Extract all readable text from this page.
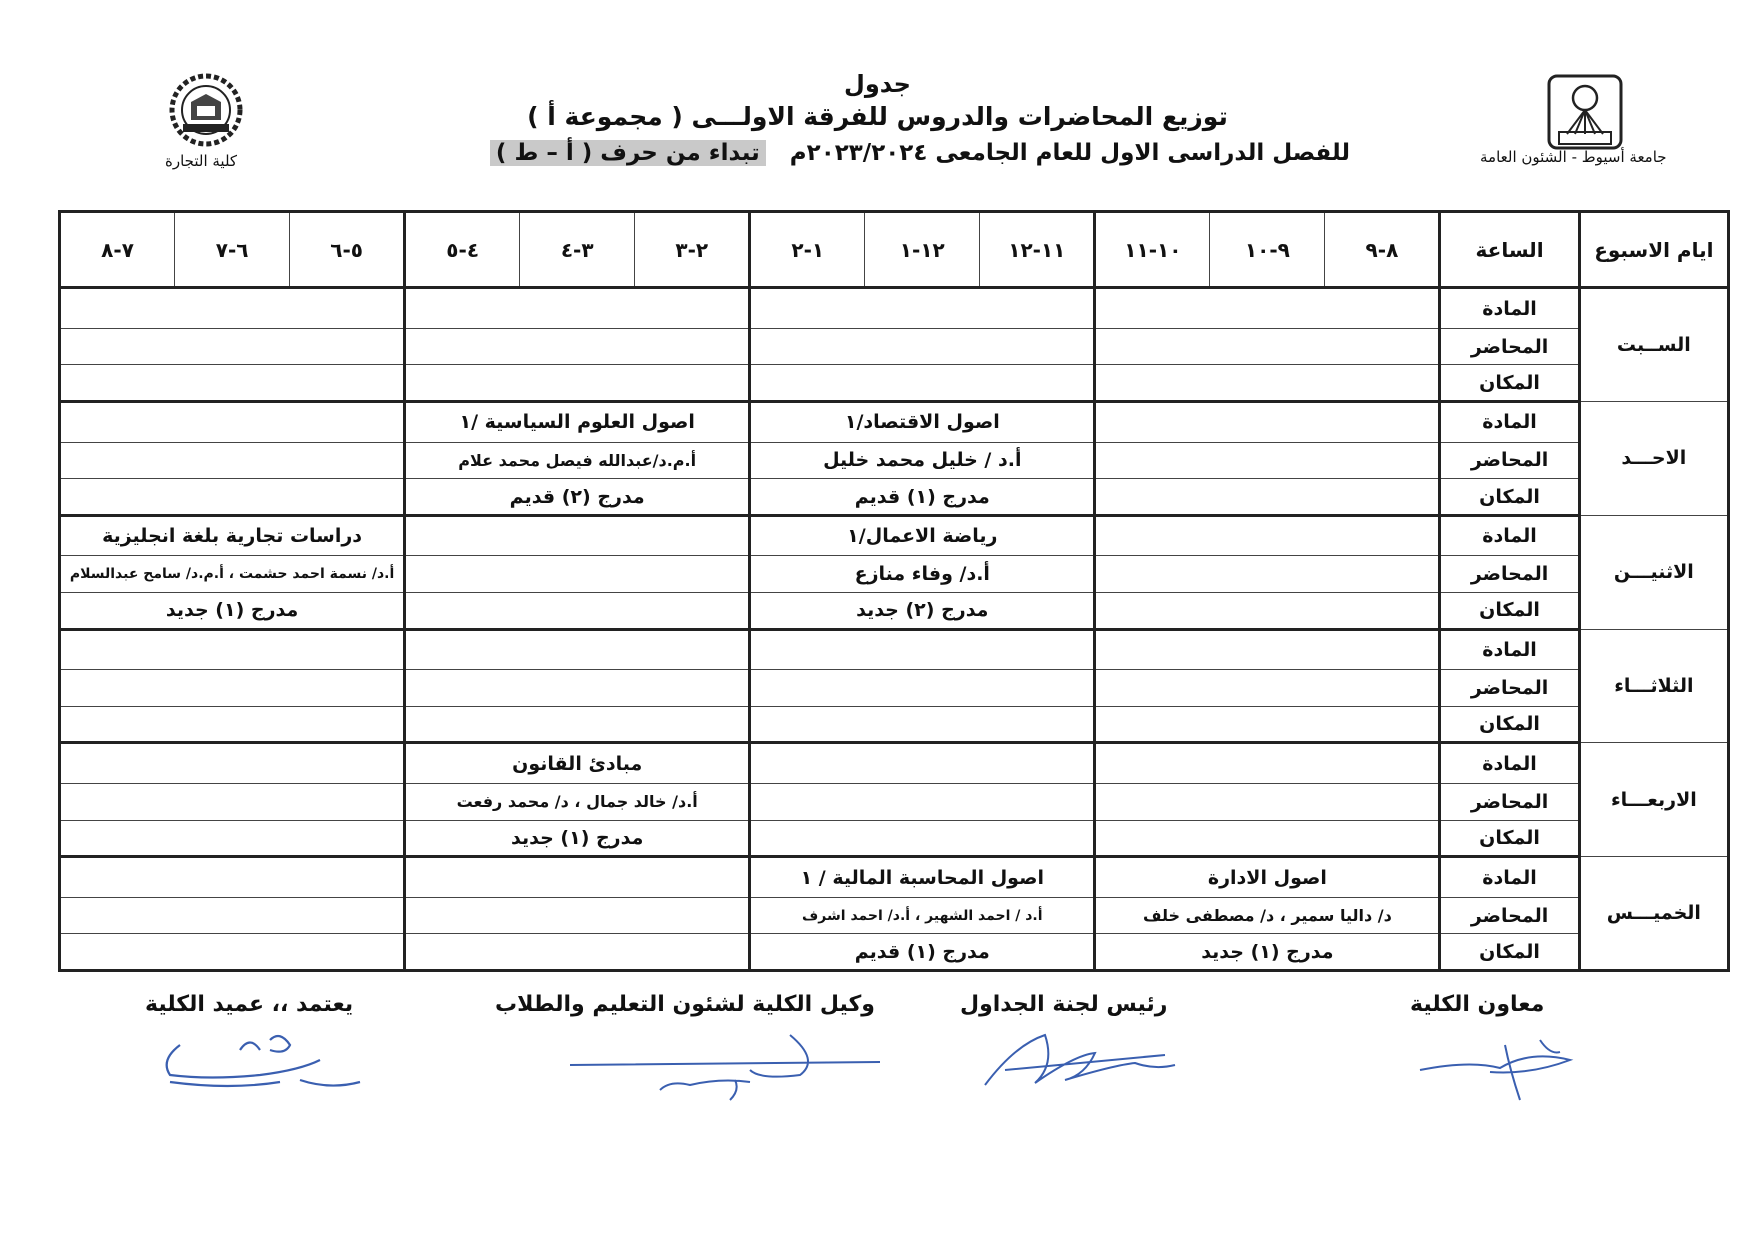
جدول
توزيع المحاضرات والدروس للفرقة الاولـــى ( مجموعة أ )
للفصل الدراسى الاول للعام الجامعى ٢٠٢٣/٢٠٢٤م   تبداء من حرف ( أ – ط )	جامعة أسيوط - الشئون العامة
كلية التجارة
ايام الاسبوع	الساعة	٨-٩	٩-١٠	١٠-١١	١١-١٢	١٢-١	١-٢	٢-٣	٣-٤	٤-٥	٥-٦	٦-٧	٧-٨
الســبت	المادة												
	المحاضر												
	المكان												
الاحـــد	المادة				اصول الاقتصاد/١			اصول العلوم السياسية /١					
	المحاضر				أ.د / خليل محمد خليل			أ.م.د/عبدالله فيصل محمد علام					
	المكان				مدرج (١) قديم			مدرج (٢) قديم					
الاثنيـــن	المادة				رياضة الاعمال/١						دراسات تجارية بلغة انجليزية		
	المحاضر				أ.د/ وفاء منازع						أ.د/ نسمة احمد حشمت ، أ.م.د/ سامح عبدالسلام		
	المكان				مدرج (٢) جديد						مدرج (١) جديد		
الثلاثـــاء	المادة												
	المحاضر												
	المكان												
الاربعـــاء	المادة							مبادئ القانون					
	المحاضر							أ.د/ خالد جمال ، د/ محمد رفعت					
	المكان							مدرج (١) جديد					
الخميـــس	المادة	اصول الادارة			اصول المحاسبة المالية / ١								
	المحاضر	د/ داليا سمير ، د/ مصطفى خلف			أ.د / احمد الشهير ، أ.د/ احمد اشرف								
	المكان	مدرج (١) جديد			مدرج (١) قديم								
معاون الكلية
رئيس لجنة الجداول
وكيل الكلية لشئون التعليم والطلاب
يعتمد ،، عميد الكلية
